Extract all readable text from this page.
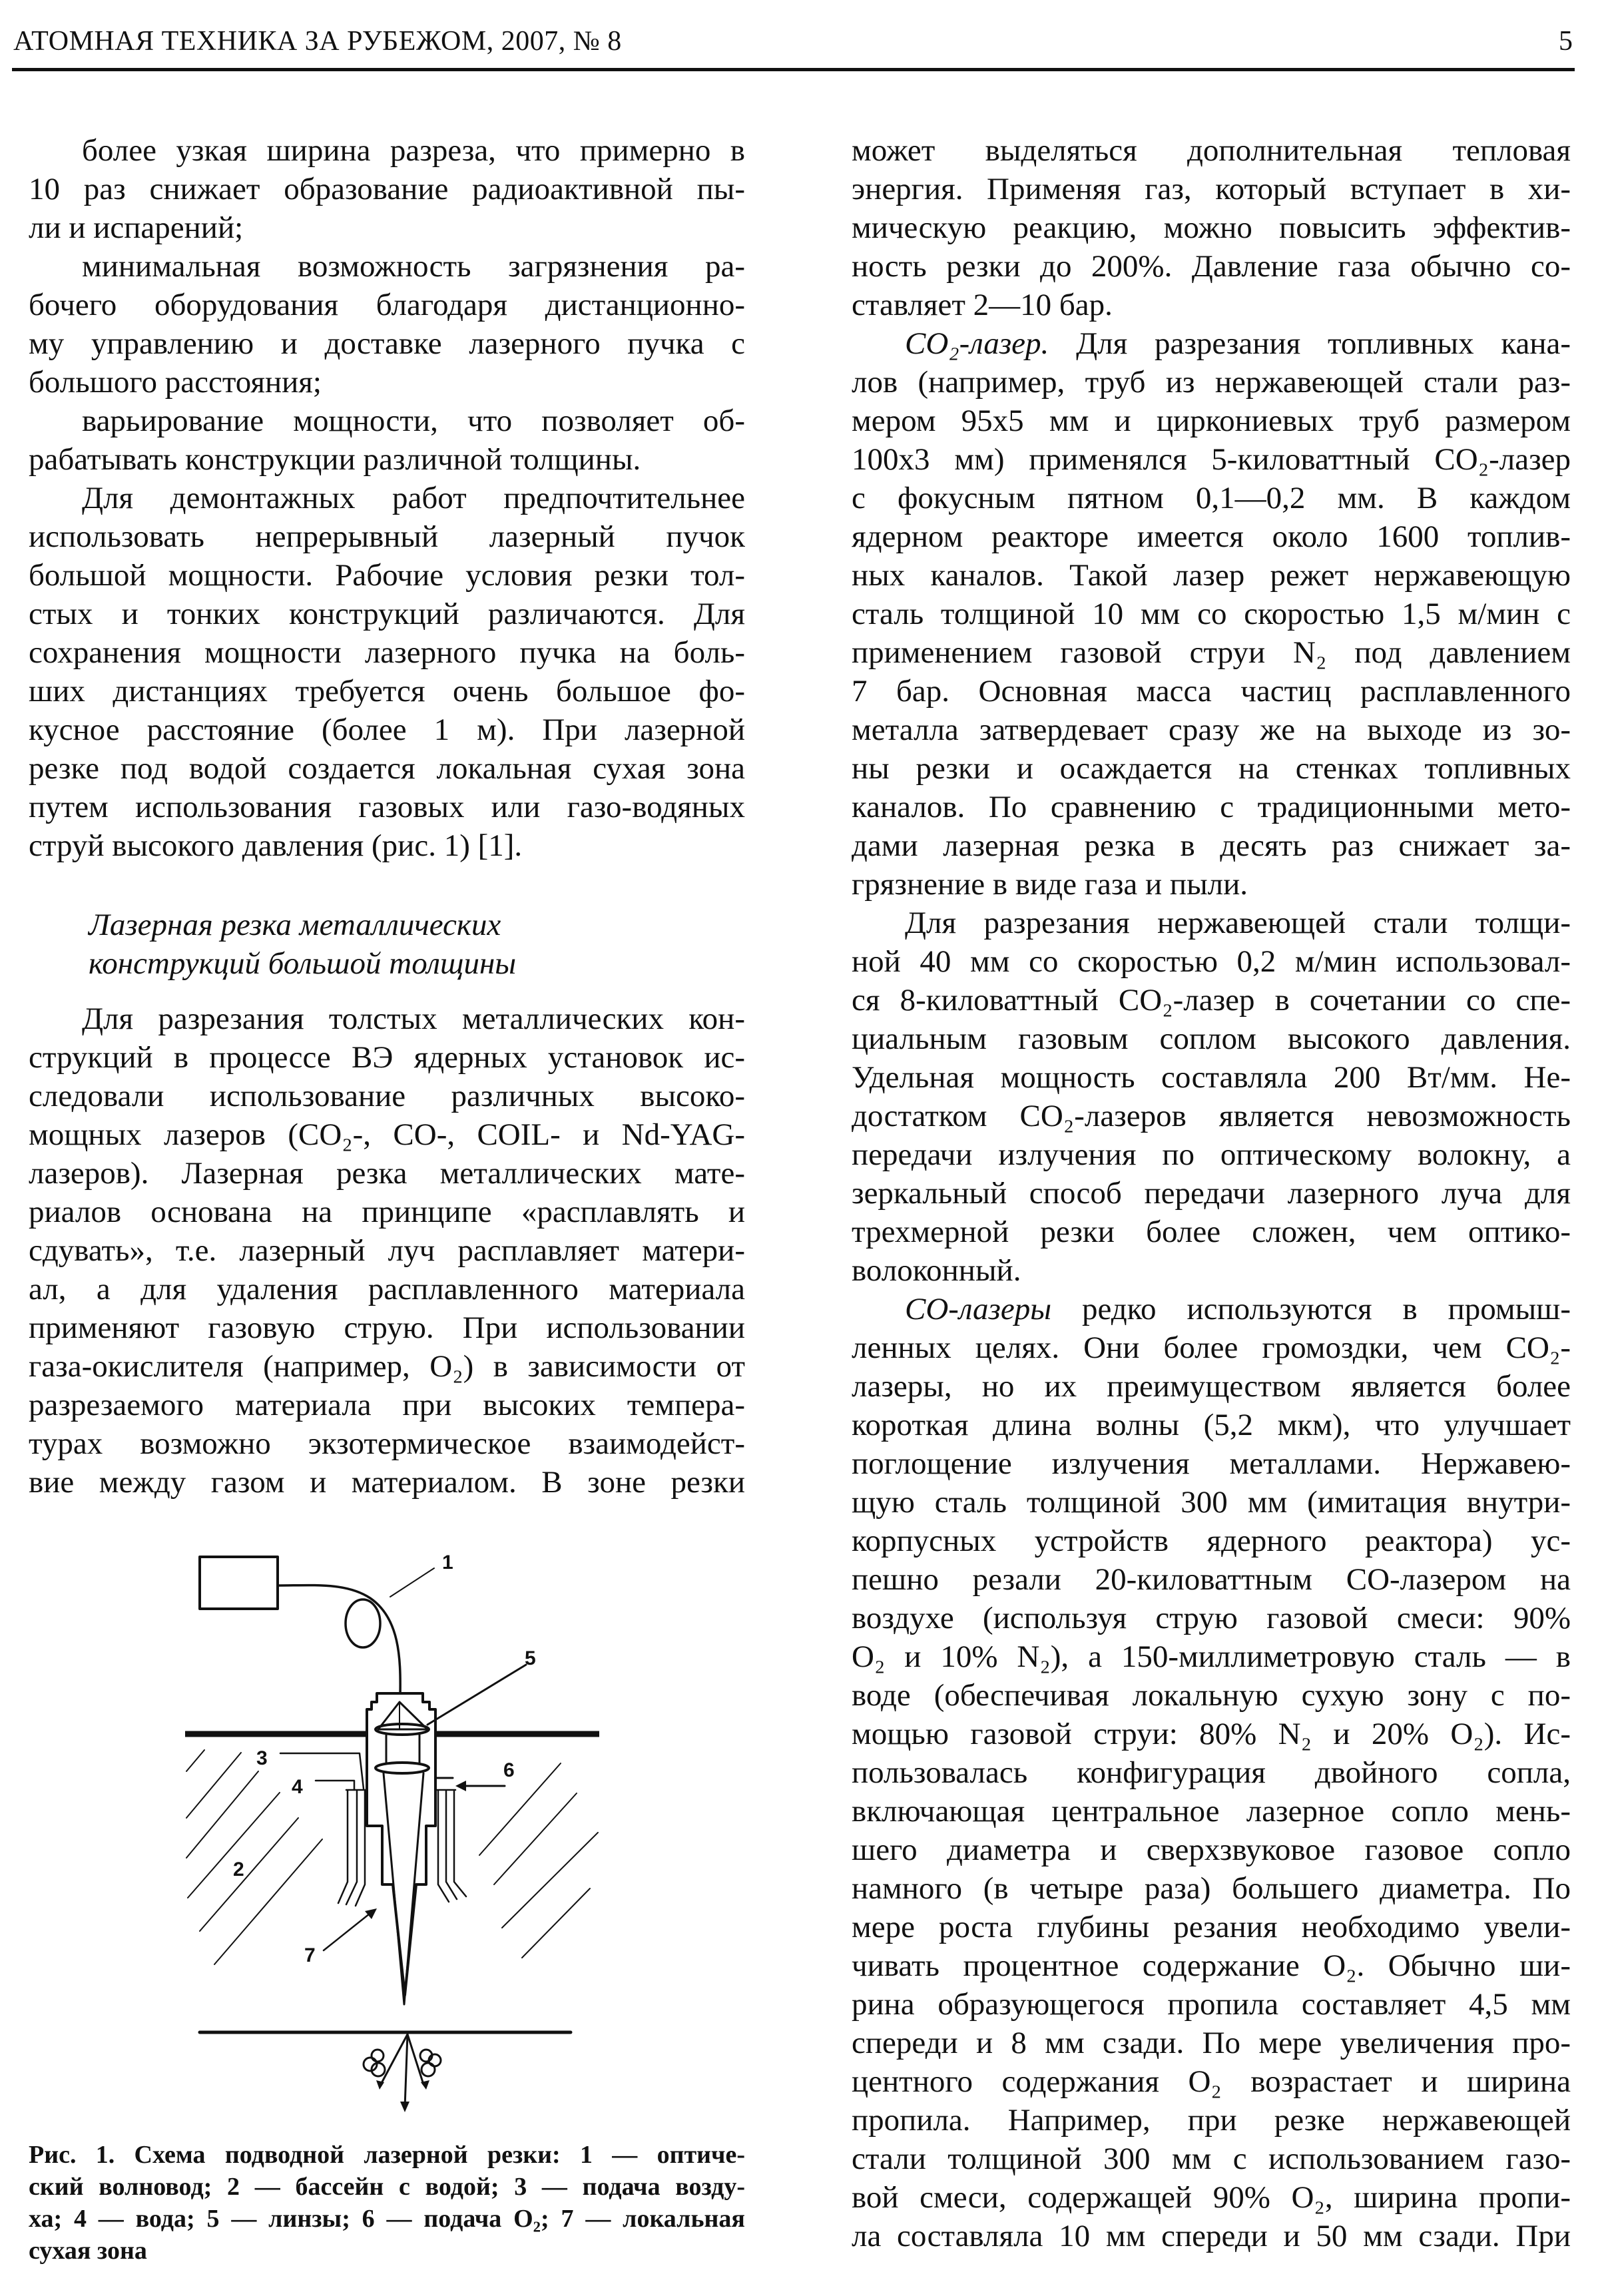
АТОМНАЯ ТЕХНИКА ЗА РУБЕЖОМ, 2007, № 8	5
более узкая ширина разреза, что примерно в
10 раз снижает образование радиоактивной пы-
ли и испарений;
минимальная возможность загрязнения ра-
бочего оборудования благодаря дистанционно-
му управлению и доставке лазерного пучка с
большого расстояния;
варьирование мощности, что позволяет об-
рабатывать конструкции различной толщины.
Для демонтажных работ предпочтительнее
использовать непрерывный лазерный пучок
большой мощности. Рабочие условия резки тол-
стых и тонких конструкций различаются. Для
сохранения мощности лазерного пучка на боль-
ших дистанциях требуется очень большое фо-
кусное расстояние (более 1 м). При лазерной
резке под водой создается локальная сухая зона
путем использования газовых или газо-водяных
струй высокого давления (рис. 1) [1].
Лазерная резка металлических
конструкций большой толщины
Для разрезания толстых металлических кон-
струкций в процессе ВЭ ядерных установок ис-
следовали использование различных высоко-
мощных лазеров (CO₂-, CO-, COIL- и Nd-YAG-
лазеров). Лазерная резка металлических мате-
риалов основана на принципе «расплавлять и
сдувать», т.е. лазерный луч расплавляет матери-
ал, а для удаления расплавленного материала
применяют газовую струю. При использовании
газа-окислителя (например, O₂) в зависимости от
разрезаемого материала при высоких темпера-
турах возможно экзотермическое взаимодейст-
вие между газом и материалом. В зоне резки
может выделяться дополнительная тепловая
энергия. Применяя газ, который вступает в хи-
мическую реакцию, можно повысить эффектив-
ность резки до 200%. Давление газа обычно со-
ставляет 2—10 бар.
CO₂-лазер. Для разрезания топливных кана-
лов (например, труб из нержавеющей стали раз-
мером 95x5 мм и циркониевых труб размером
100x3 мм) применялся 5-киловаттный CO₂-лазер
с фокусным пятном 0,1—0,2 мм. В каждом
ядерном реакторе имеется около 1600 топлив-
ных каналов. Такой лазер режет нержавеющую
сталь толщиной 10 мм со скоростью 1,5 м/мин с
применением газовой струи N₂ под давлением
7 бар. Основная масса частиц расплавленного
металла затвердевает сразу же на выходе из зо-
ны резки и осаждается на стенках топливных
каналов. По сравнению с традиционными мето-
дами лазерная резка в десять раз снижает за-
грязнение в виде газа и пыли.
Для разрезания нержавеющей стали толщи-
ной 40 мм со скоростью 0,2 м/мин использовал-
ся 8-киловаттный CO₂-лазер в сочетании со спе-
циальным газовым соплом высокого давления.
Удельная мощность составляла 200 Вт/мм. Не-
достатком CO₂-лазеров является невозможность
передачи излучения по оптическому волокну, а
зеркальный способ передачи лазерного луча для
трехмерной резки более сложен, чем оптико-
волоконный.
CO-лазеры редко используются в промыш-
ленных целях. Они более громоздки, чем CO₂-
лазеры, но их преимуществом является более
короткая длина волны (5,2 мкм), что улучшает
поглощение излучения металлами. Нержавею-
щую сталь толщиной 300 мм (имитация внутри-
корпусных устройств ядерного реактора) ус-
пешно резали 20-киловаттным CO-лазером на
воздухе (используя струю газовой смеси: 90%
O₂ и 10% N₂), а 150-миллиметровую сталь — в
воде (обеспечивая локальную сухую зону с по-
мощью газовой струи: 80% N₂ и 20% O₂). Ис-
пользовалась конфигурация двойного сопла,
включающая центральное лазерное сопло мень-
шего диаметра и сверхзвуковое газовое сопло
намного (в четыре раза) большего диаметра. По
мере роста глубины резания необходимо увели-
чивать процентное содержание O₂. Обычно ши-
рина образующегося пропила составляет 4,5 мм
спереди и 8 мм сзади. По мере увеличения про-
центного содержания O₂ возрастает и ширина
пропила. Например, при резке нержавеющей
стали толщиной 300 мм с использованием газо-
вой смеси, содержащей 90% O₂, ширина пропи-
ла составляла 10 мм спереди и 50 мм сзади. При
1
2
3
4
5
6
7
Рис. 1. Схема подводной лазерной резки: 1 — оптиче-
ский волновод; 2 — бассейн с водой; 3 — подача возду-
ха; 4 — вода; 5 — линзы; 6 — подача O₂; 7 — локальная
сухая зона
